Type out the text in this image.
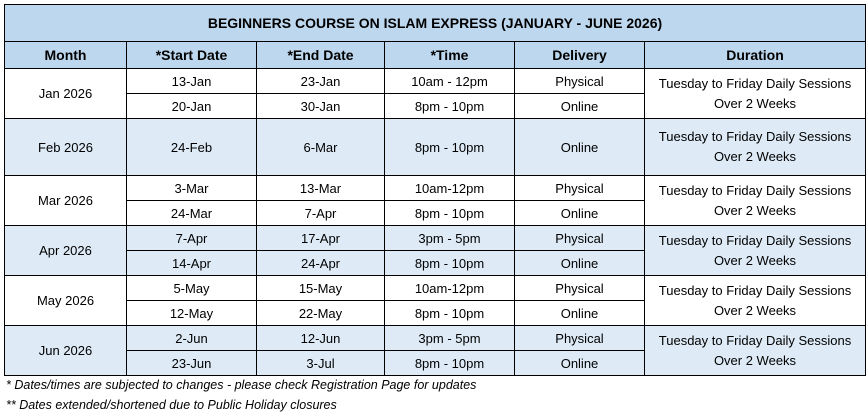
BEGINNERS COURSE ON ISLAM EXPRESS (JANUARY - JUNE 2026)					
Month	*Start Date	*End Date	*Time	Delivery	Duration
Jan 2026	13-Jan	23-Jan	10am - 12pm	Physical	Tuesday to Friday Daily Sessions
Over 2 Weeks
	20-Jan	30-Jan	8pm - 10pm	Online	
Feb 2026	24-Feb	6-Mar	8pm - 10pm	Online	Tuesday to Friday Daily Sessions
Over 2 Weeks
Mar 2026	3-Mar	13-Mar	10am-12pm	Physical	Tuesday to Friday Daily Sessions
Over 2 Weeks
	24-Mar	7-Apr	8pm - 10pm	Online	
Apr 2026	7-Apr	17-Apr	3pm - 5pm	Physical	Tuesday to Friday Daily Sessions
Over 2 Weeks
	14-Apr	24-Apr	8pm - 10pm	Online	
May 2026	5-May	15-May	10am-12pm	Physical	Tuesday to Friday Daily Sessions
Over 2 Weeks
	12-May	22-May	8pm - 10pm	Online	
Jun 2026	2-Jun	12-Jun	3pm - 5pm	Physical	Tuesday to Friday Daily Sessions
Over 2 Weeks
	23-Jun	3-Jul	8pm - 10pm	Online	
* Dates/times are subjected to changes - please check Registration Page for updates
** Dates extended/shortened due to Public Holiday closures
